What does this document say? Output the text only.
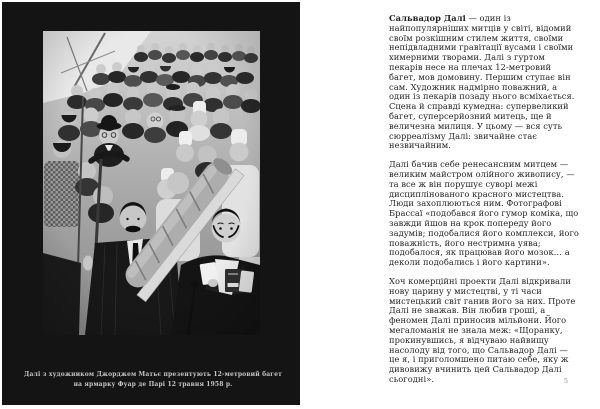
Далі з художником Джорджем Матьє презентують 12-метровий багет
на ярмарку Фуар де Парі 12 травня 1958 р.

Сальвадор Далі — один із найпопулярніших митців у світі, відомий своїм розкішним стилем життя, своїми непідвладними гравітації вусами і своїми химерними творами. Далі з гуртом пекарів несе на плечах 12-метровий багет, мов домовину. Першим ступає він сам. Художник надмірно поважний, а один із пекарів позаду нього всміхається. Сцена й справді кумедна: супервеликий багет, суперсерйозний митець, ще й величезна милиця. У цьому — вся суть сюрреалізму Далі: звичайне стає незвичайним.

Далі бачив себе ренесансним митцем — великим майстром олійного живопису, — та все ж він порушує суворі межі дисциплінованого красного мистецтва. Люди захоплюються ним. Фотографові Брассаї «подобався його гумор коміка, що завжди йшов на крок попереду його задумів; подобалися його комплекси, його поважність, його нестримна уява; подобалося, як працював його мозок… а деколи подобались і його картини».

Хоч комерційні проекти Далі відкривали нову царину у мистецтві, у ті часи мистецький світ ганив його за них. Проте Далі не зважав. Він любив гроші, а феномен Далі приносив мільйони. Його мегаломанія не знала меж: «Щоранку, прокинувшись, я відчуваю найвищу насолоду від того, що Сальвадор Далі — це я, і приголомшено питаю себе, яку ж дивовижу вчинить цей Сальвадор Далі сьогодні».	5
